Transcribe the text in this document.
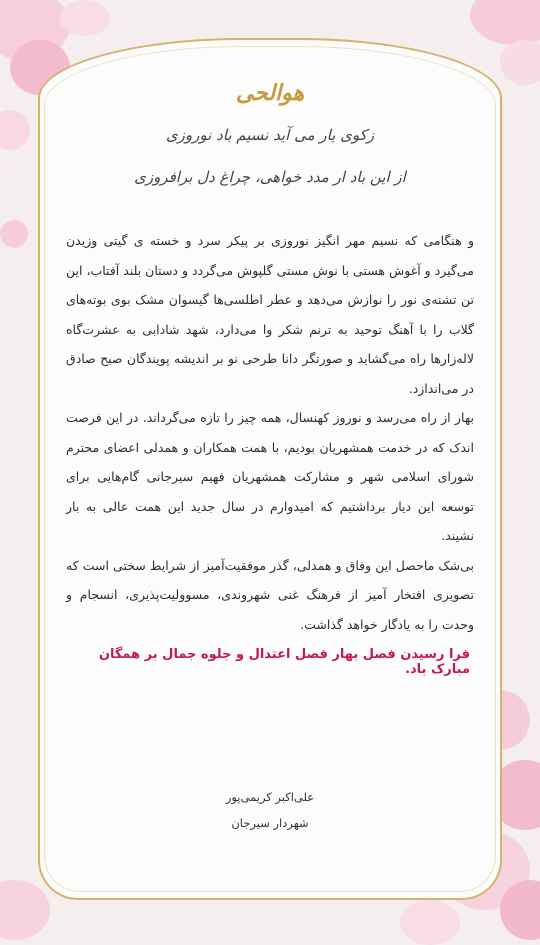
هوالحی

زکوی یار می آید نسیم باد نوروزی

از این باد ار مدد خواهی، چراغ دل برافروزی

و هنگامی که نسیم مهر انگیز نوروزی بر پیکر سرد و خسته ی گیتی وزیدن می‌گیرد و آغوش هستی با نوش مستی گلپوش می‌گردد و دستان بلند آفتاب، این تن تشنه‌ی نور را نوازش می‌دهد و عطر اطلسی‌ها گیسوان مشک بوی بوته‌های گلاب را با آهنگ توحید به ترنم شکر وا می‌دارد، شهد شادابی به عشرت‌گاه لاله‌زارها راه می‌گشاید و صورتگر دانا طرحی نو بر اندیشه پویندگان صبح صادق در می‌اندازد.

بهار از راه می‌رسد و نوروز کهنسال، همه چیز را تازه می‌گرداند. در این فرصت اندک که در خدمت همشهریان بودیم، با همت همکاران و همدلی اعضای محترم شورای اسلامی شهر و مشارکت همشهریان فهیم سیرجانی گام‌هایی برای توسعه این دیار برداشتیم که امیدوارم در سال جدید این همت عالی به بار نشیند.

بی‌شک ماحصل این وفاق و همدلی، گذر موفقیت‌آمیز از شرایط سختی است که تصویری افتخار آمیز از فرهنگ غنی شهروندی، مسوولیت‌پذیری، انسجام و وحدت را به یادگار خواهد گذاشت.

فرا رسیدن فصل بهار فصل اعتدال و جلوه جمال بر همگان مبارک باد.

علی‌اکبر کریمی‌پور
شهردار سیرجان
